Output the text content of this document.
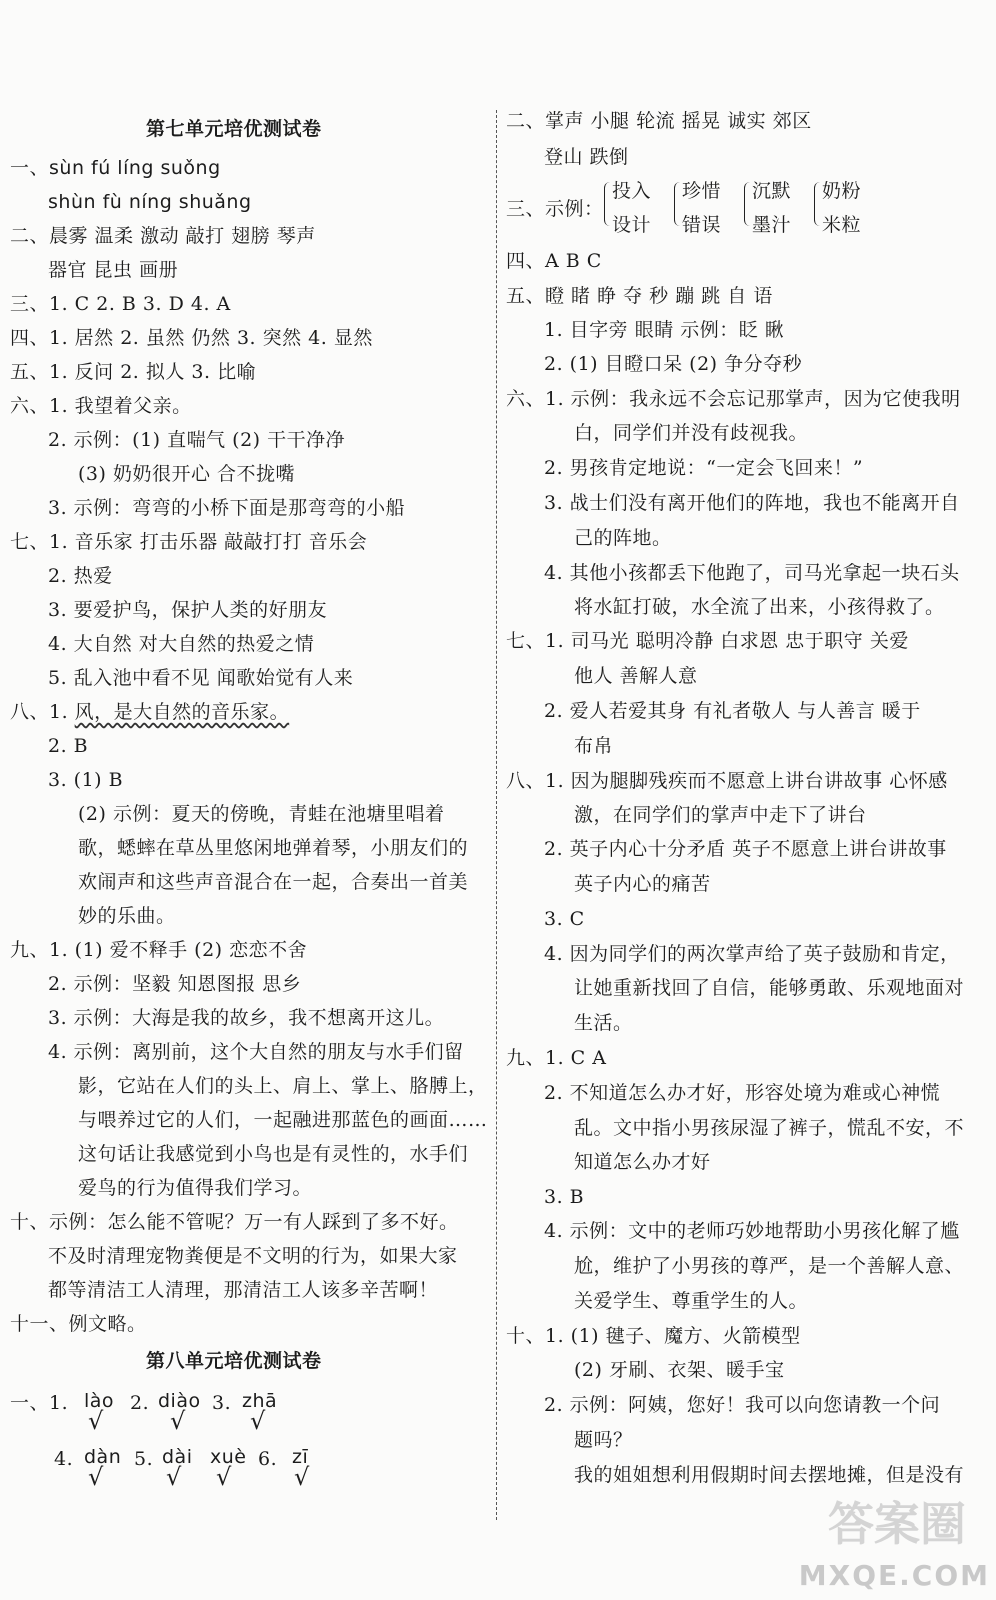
第七单元培优测试卷
一、sùn fú líng suǒng
shùn fù níng shuǎng
二、晨雾 温柔 激动 敲打 翅膀 琴声
器官 昆虫 画册
三、1. C 2. B 3. D 4. A
四、1. 居然 2. 虽然 仍然 3. 突然 4. 显然
五、1. 反问 2. 拟人 3. 比喻
六、1. 我望着父亲。
2. 示例：(1) 直喘气 (2) 干干净净
(3) 奶奶很开心 合不拢嘴
3. 示例：弯弯的小桥下面是那弯弯的小船
七、1. 音乐家 打击乐器 敲敲打打 音乐会
2. 热爱
3. 要爱护鸟，保护人类的好朋友
4. 大自然 对大自然的热爱之情
5. 乱入池中看不见 闻歌始觉有人来
八、1. 风，是大自然的音乐家。
2. B
3. (1) B
(2) 示例：夏天的傍晚，青蛙在池塘里唱着
歌，蟋蟀在草丛里悠闲地弹着琴，小朋友们的
欢闹声和这些声音混合在一起，合奏出一首美
妙的乐曲。
九、1. (1) 爱不释手 (2) 恋恋不舍
2. 示例：坚毅 知恩图报 思乡
3. 示例：大海是我的故乡，我不想离开这儿。
4. 示例：离别前，这个大自然的朋友与水手们留
影，它站在人们的头上、肩上、掌上、胳膊上，
与喂养过它的人们，一起融进那蓝色的画面……
这句话让我感觉到小鸟也是有灵性的，水手们
爱鸟的行为值得我们学习。
十、示例：怎么能不管呢？万一有人踩到了多不好。
不及时清理宠物粪便是不文明的行为，如果大家
都等清洁工人清理，那清洁工人该多辛苦啊！
十一、例文略。
第八单元培优测试卷
一、1. lào
√
2. diào
√
3. zhā
√
4. dàn
√
5. dài
√
xuè
√
6. zī
√
二、掌声 小腿 轮流 摇晃 诚实 郊区
登山 跌倒
三、示例：
投入
设计
珍惜
错误
沉默
墨汁
奶粉
米粒
四、A B C
五、瞪 睹 睁 夺 秒 蹦 跳 自 语
1. 目字旁 眼睛 示例：眨 瞅
2. (1) 目瞪口呆 (2) 争分夺秒
六、1. 示例：我永远不会忘记那掌声，因为它使我明
白，同学们并没有歧视我。
2. 男孩肯定地说：“一定会飞回来！”
3. 战士们没有离开他们的阵地，我也不能离开自
己的阵地。
4. 其他小孩都丢下他跑了，司马光拿起一块石头
将水缸打破，水全流了出来，小孩得救了。
七、1. 司马光 聪明冷静 白求恩 忠于职守 关爱
他人 善解人意
2. 爱人若爱其身 有礼者敬人 与人善言 暖于
布帛
八、1. 因为腿脚残疾而不愿意上讲台讲故事 心怀感
激，在同学们的掌声中走下了讲台
2. 英子内心十分矛盾 英子不愿意上讲台讲故事
英子内心的痛苦
3. C
4. 因为同学们的两次掌声给了英子鼓励和肯定，
让她重新找回了自信，能够勇敢、乐观地面对
生活。
九、1. C A
2. 不知道怎么办才好，形容处境为难或心神慌
乱。文中指小男孩尿湿了裤子，慌乱不安，不
知道怎么办才好
3. B
4. 示例：文中的老师巧妙地帮助小男孩化解了尴
尬，维护了小男孩的尊严，是一个善解人意、
关爱学生、尊重学生的人。
十、1. (1) 毽子、魔方、火箭模型
(2) 牙刷、衣架、暖手宝
2. 示例：阿姨，您好！我可以向您请教一个问
题吗？
我的姐姐想利用假期时间去摆地摊，但是没有
答案圈
MXQE.COM
